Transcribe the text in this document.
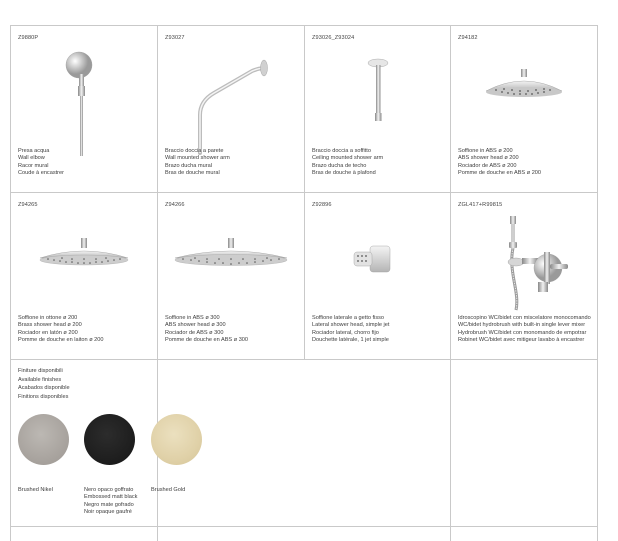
Z9880P
Presa acqua
Wall elbow
Racor mural
Coude à encastrer
Z93027
Braccio doccia a parete
Wall mounted shower arm
Brazo ducha mural
Bras de douche mural
Z93026_Z93024
Braccio doccia a soffitto
Ceiling mounted shower arm
Brazo ducha de techo
Bras de douche à plafond
Z94182
Soffione in ABS ø 200
ABS shower head ø 200
Rociador de ABS ø 200
Pomme de douche en ABS ø 200
Z94265
Soffione in ottone ø 200
Brass shower head ø 200
Rociador en latón ø 200
Pomme de douche en laiton ø 200
Z94266
Soffione in ABS ø 300
ABS shower head ø 300
Rociador de ABS ø 300
Pomme de douche en ABS ø 300
Z92896
Soffione laterale a getto fisso
Lateral shower head, simple jet
Rociador lateral, chorro fijo
Douchette latérale, 1 jet simple
ZGL417+R99815
Idroscopino WC/bidet con miscelatore monocomando
WC/bidet hydrobrush with built-in single lever mixer
Hydrobrush WC/bidet con monomando de empotrar
Robinet WC/bidet avec mitigeur lavabo à encastrer
Finiture disponibili
Available finishes
Acabados disponible
Finitions disponibles
Brushed Nikel	Nero opaco goffrato
Embossed matt black
Negro mate gofrado
Noir opaque gaufré
Brushed Gold
